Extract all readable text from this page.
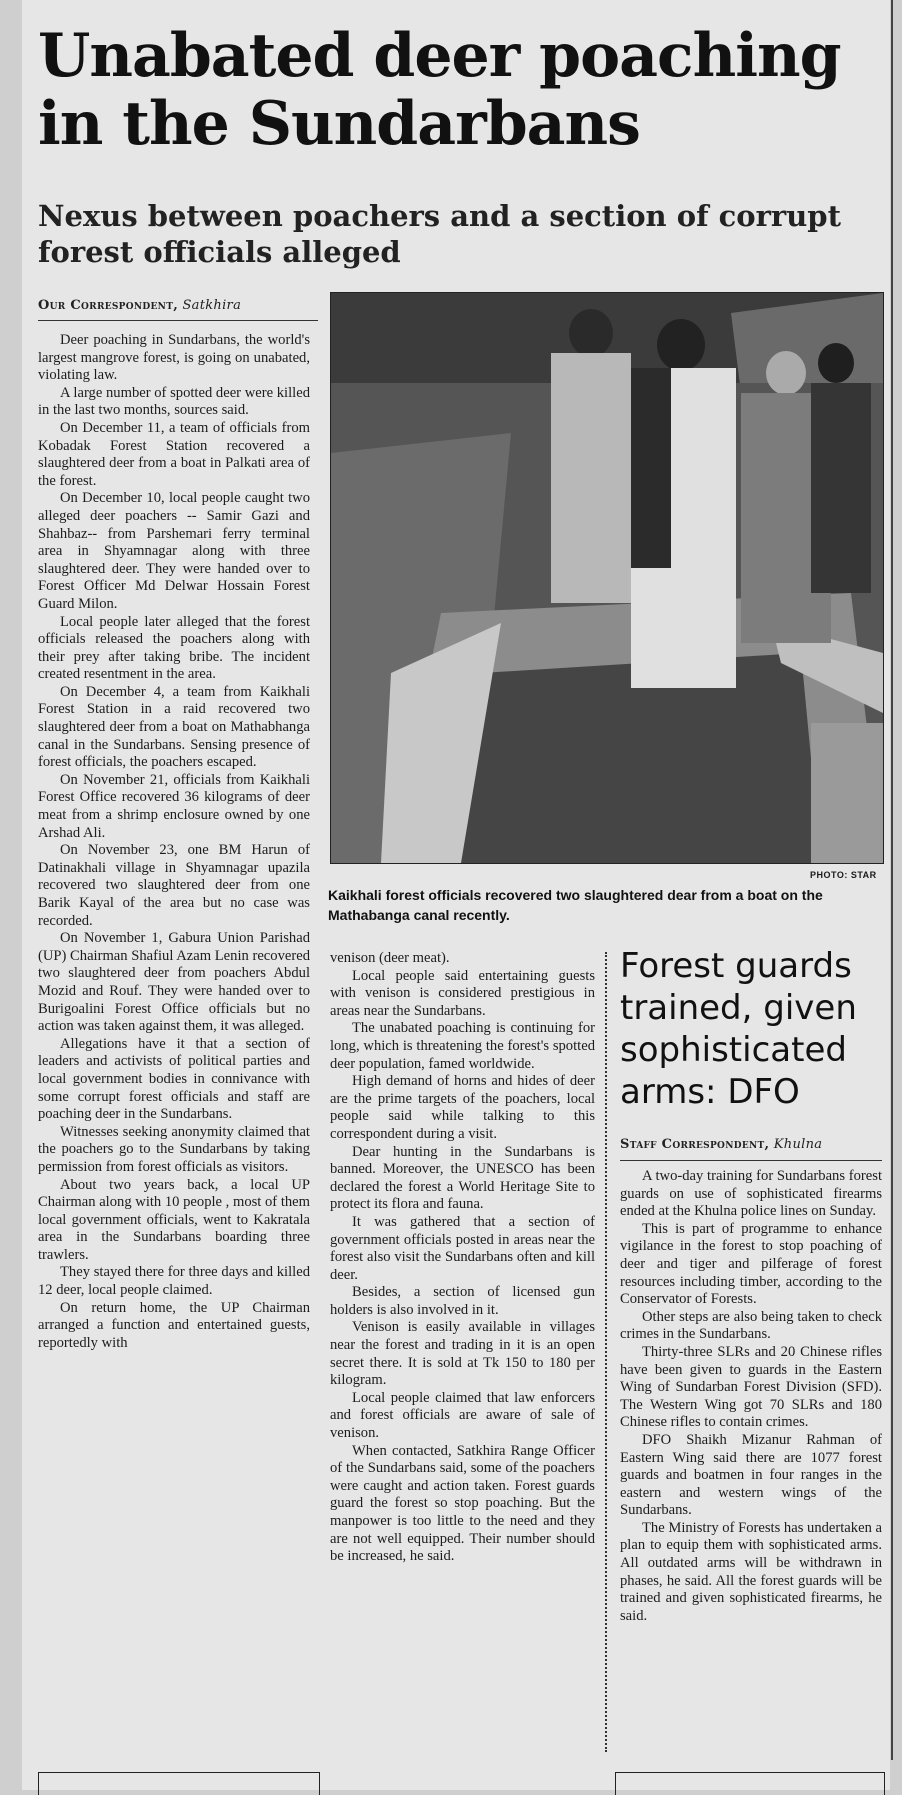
Unabated deer poaching in the Sundarbans
Nexus between poachers and a section of corrupt forest officials alleged
Our Correspondent, Satkhira

Deer poaching in Sundarbans, the world's largest mangrove forest, is going on unabated, violating law.

A large number of spotted deer were killed in the last two months, sources said.

On December 11, a team of officials from Kobadak Forest Station recovered a slaughtered deer from a boat in Palkati area of the forest.

On December 10, local people caught two alleged deer poachers -- Samir Gazi and Shahbaz-- from Parshemari ferry terminal area in Shyamnagar along with three slaughtered deer. They were handed over to Forest Officer Md Delwar Hossain Forest Guard Milon.

Local people later alleged that the forest officials released the poachers along with their prey after taking bribe. The incident created resentment in the area.

On December 4, a team from Kaikhali Forest Station in a raid recovered two slaughtered deer from a boat on Mathabhanga canal in the Sundarbans. Sensing presence of forest officials, the poachers escaped.

On November 21, officials from Kaikhali Forest Office recovered 36 kilograms of deer meat from a shrimp enclosure owned by one Arshad Ali.

On November 23, one BM Harun of Datinakhali village in Shyamnagar upazila recovered two slaughtered deer from one Barik Kayal of the area but no case was recorded.

On November 1, Gabura Union Parishad (UP) Chairman Shafiul Azam Lenin recovered two slaughtered deer from poachers Abdul Mozid and Rouf. They were handed over to Burigoalini Forest Office officials but no action was taken against them, it was alleged.

Allegations have it that a section of leaders and activists of political parties and local government bodies in connivance with some corrupt forest officials and staff are poaching deer in the Sundarbans.

Witnesses seeking anonymity claimed that the poachers go to the Sundarbans by taking permission from forest officials as visitors.

About two years back, a local UP Chairman along with 10 people , most of them local government officials, went to Kakratala area in the Sundarbans boarding three trawlers.

They stayed there for three days and killed 12 deer, local people claimed.

On return home, the UP Chairman arranged a function and entertained guests, reportedly with

PHOTO: STAR
Kaikhali forest officials recovered two slaughtered dear from a boat on the Mathabanga canal recently.

venison (deer meat).

Local people said entertaining guests with venison is considered prestigious in areas near the Sundarbans.

The unabated poaching is continuing for long, which is threatening the forest's spotted deer population, famed worldwide.

High demand of horns and hides of deer are the prime targets of the poachers, local people said while talking to this correspondent during a visit.

Dear hunting in the Sundarbans is banned. Moreover, the UNESCO has been declared the forest a World Heritage Site to protect its flora and fauna.

It was gathered that a section of government officials posted in areas near the forest also visit the Sundarbans often and kill deer.

Besides, a section of licensed gun holders is also involved in it.

Venison is easily available in villages near the forest and trading in it is an open secret there. It is sold at Tk 150 to 180 per kilogram.

Local people claimed that law enforcers and forest officials are aware of sale of venison.

When contacted, Satkhira Range Officer of the Sundarbans said, some of the poachers were caught and action taken. Forest guards guard the forest so stop poaching. But the manpower is too little to the need and they are not well equipped. Their number should be increased, he said.

Forest guards trained, given sophisticated arms: DFO
Staff Correspondent, Khulna

A two-day training for Sundarbans forest guards on use of sophisticated firearms ended at the Khulna police lines on Sunday.

This is part of programme to enhance vigilance in the forest to stop poaching of deer and tiger and pilferage of forest resources including timber, according to the Conservator of Forests.

Other steps are also being taken to check crimes in the Sundarbans.

Thirty-three SLRs and 20 Chinese rifles have been given to guards in the Eastern Wing of Sundarban Forest Division (SFD). The Western Wing got 70 SLRs and 180 Chinese rifles to contain crimes.

DFO Shaikh Mizanur Rahman of Eastern Wing said there are 1077 forest guards and boatmen in four ranges in the eastern and western wings of the Sundarbans.

The Ministry of Forests has undertaken a plan to equip them with sophisticated arms. All outdated arms will be withdrawn in phases, he said. All the forest guards will be trained and given sophisticated firearms, he said.
